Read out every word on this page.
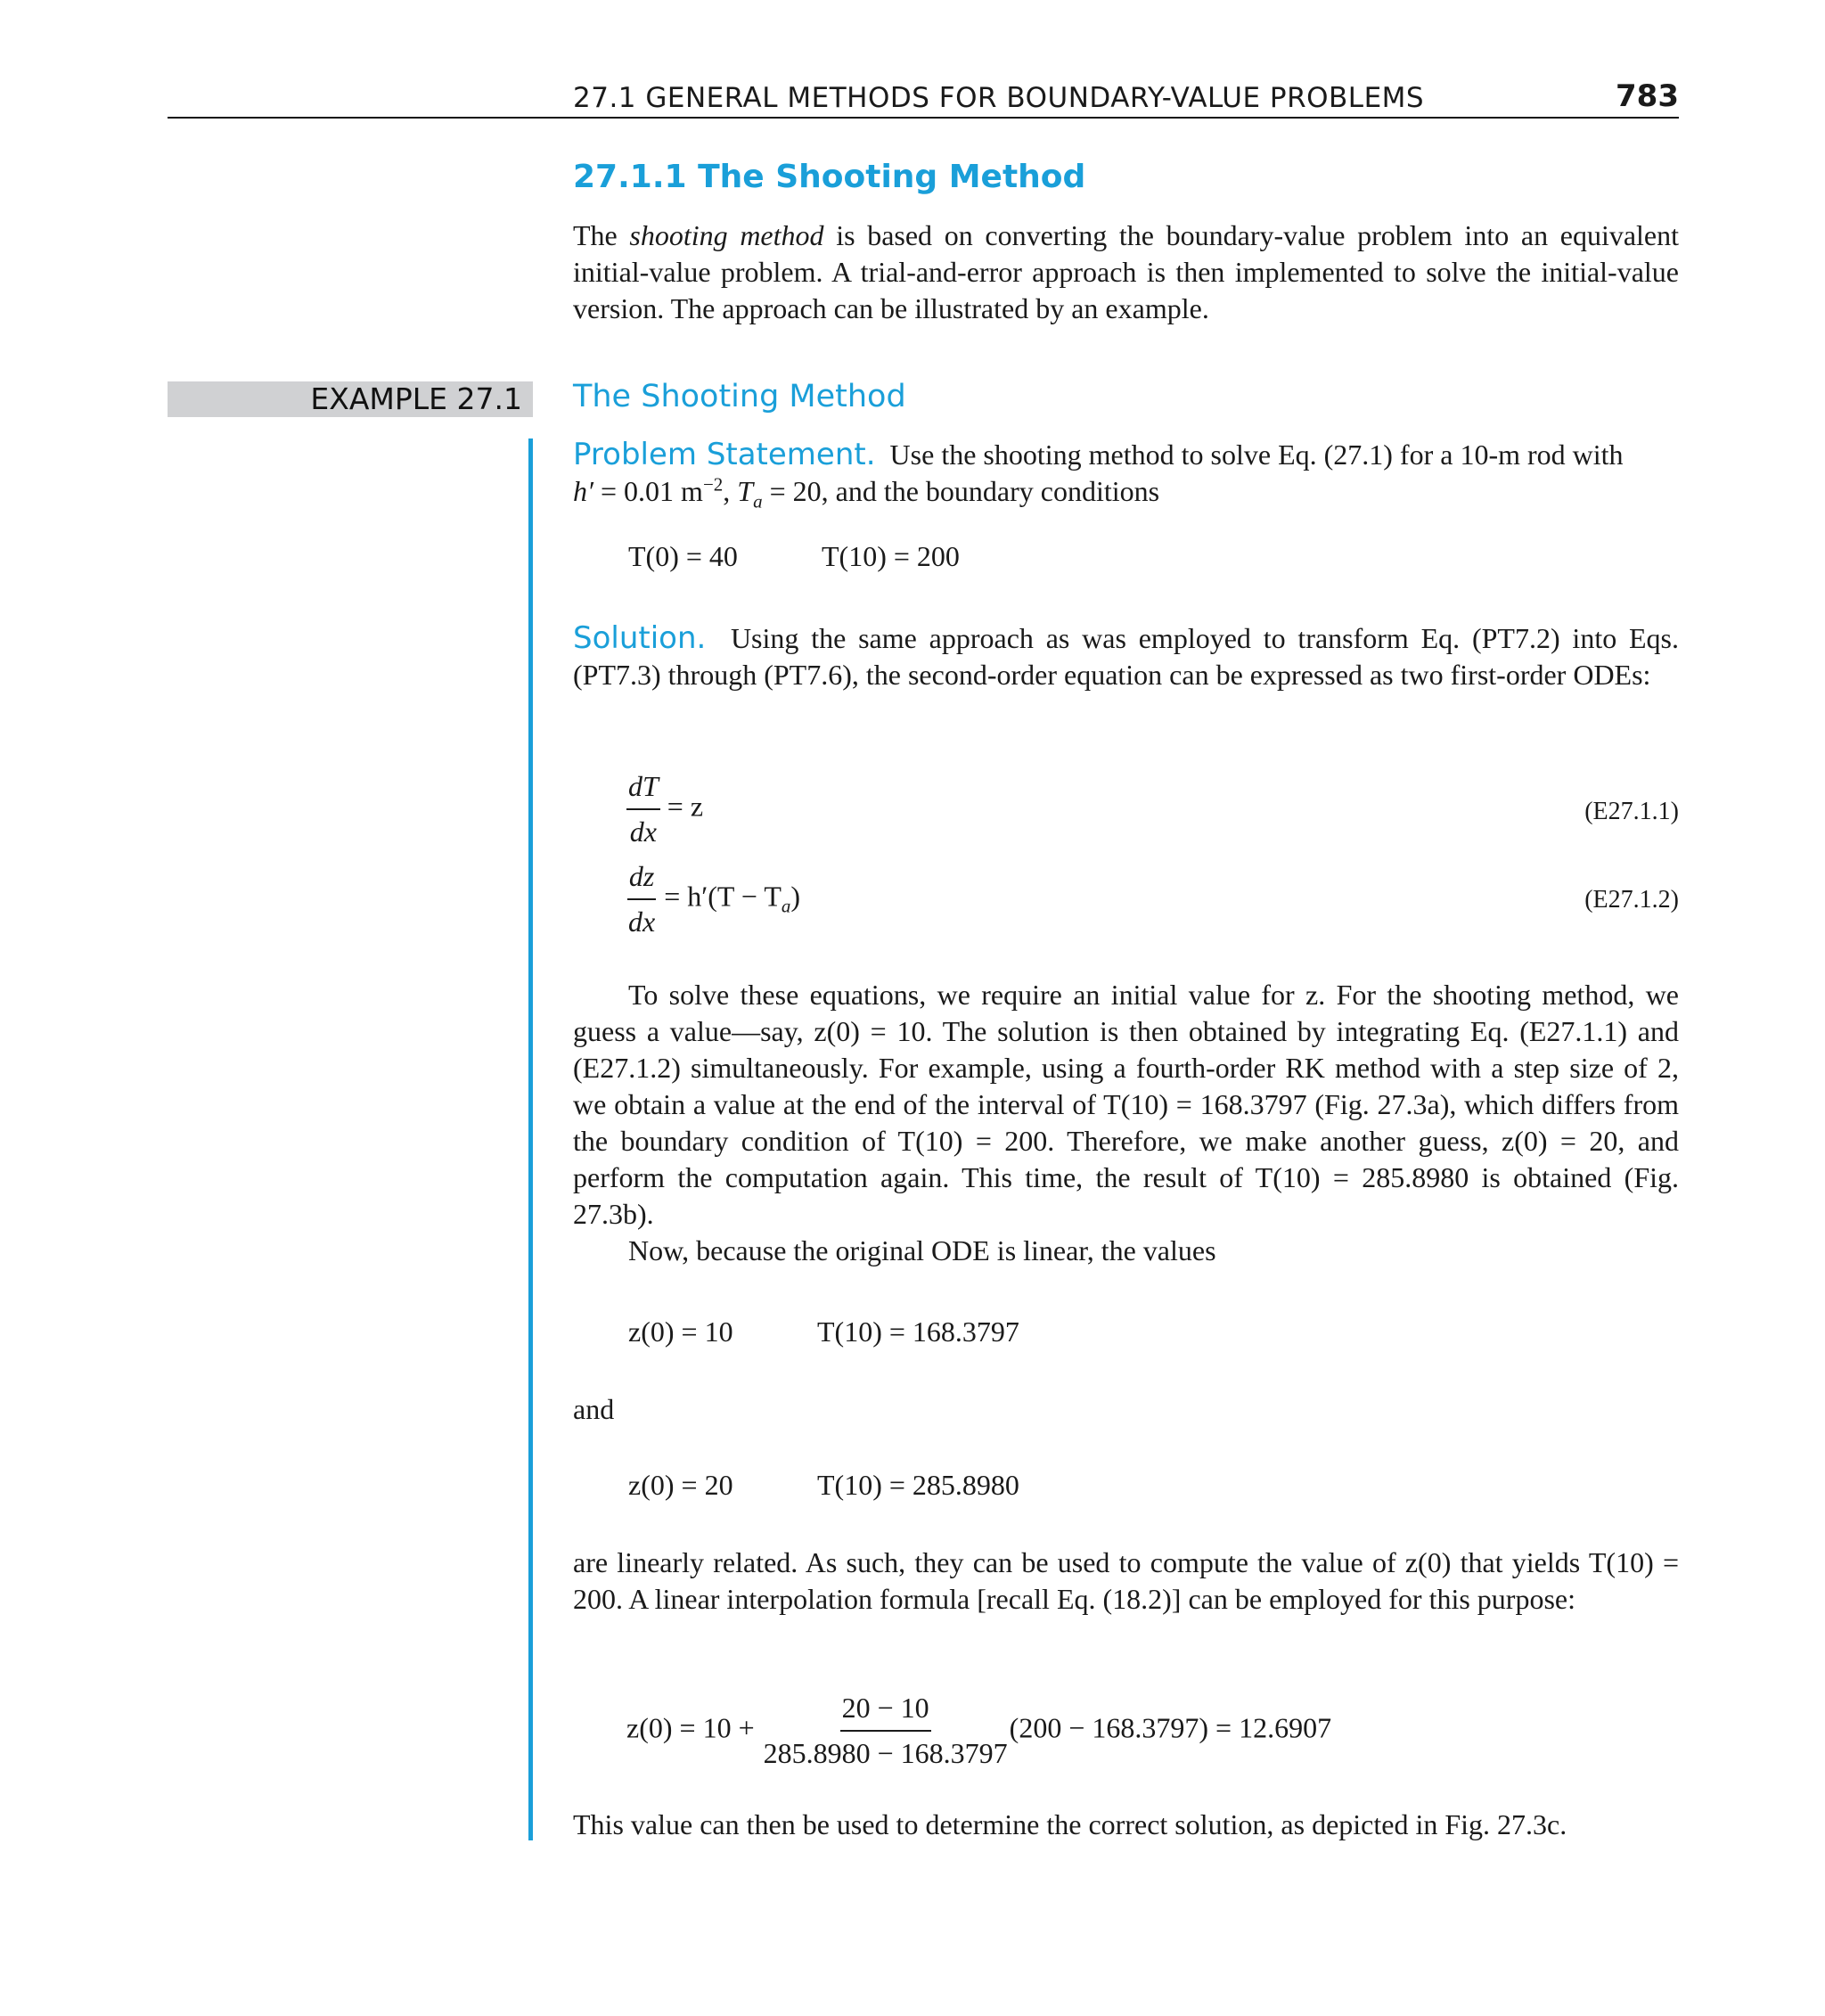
27.1 GENERAL METHODS FOR BOUNDARY-VALUE PROBLEMS	783
27.1.1 The Shooting Method
The shooting method is based on converting the boundary-value problem into an equivalent initial-value problem. A trial-and-error approach is then implemented to solve the initial-value version. The approach can be illustrated by an example.
EXAMPLE 27.1 The Shooting Method
Problem Statement. Use the shooting method to solve Eq. (27.1) for a 10-m rod with
h′ = 0.01 $m^{-2}$, $T_a = 20$, and the boundary conditions
T(0) = 40	T(10) = 200
Solution. Using the same approach as was employed to transform Eq. (PT7.2) into Eqs. (PT7.3) through (PT7.6), the second-order equation can be expressed as two first-order ODEs:
$\frac{dT}{dx} = z$	(E27.1.1)
$\frac{dz}{dx} = h'(T - T_a)$	(E27.1.2)
To solve these equations, we require an initial value for z. For the shooting method, we guess a value—say, z(0) = 10. The solution is then obtained by integrating Eq. (E27.1.1) and (E27.1.2) simultaneously. For example, using a fourth-order RK method with a step size of 2, we obtain a value at the end of the interval of T(10) = 168.3797 (Fig. 27.3a), which differs from the boundary condition of T(10) = 200. Therefore, we make another guess, z(0) = 20, and perform the computation again. This time, the result of T(10) = 285.8980 is obtained (Fig. 27.3b).
Now, because the original ODE is linear, the values
z(0) = 10	T(10) = 168.3797
and
z(0) = 20	T(10) = 285.8980
are linearly related. As such, they can be used to compute the value of z(0) that yields T(10) = 200. A linear interpolation formula [recall Eq. (18.2)] can be employed for this purpose:
$z(0) = 10 + \frac{20 - 10}{285.8980 - 168.3797} (200 - 168.3797) = 12.6907$
This value can then be used to determine the correct solution, as depicted in Fig. 27.3c.
